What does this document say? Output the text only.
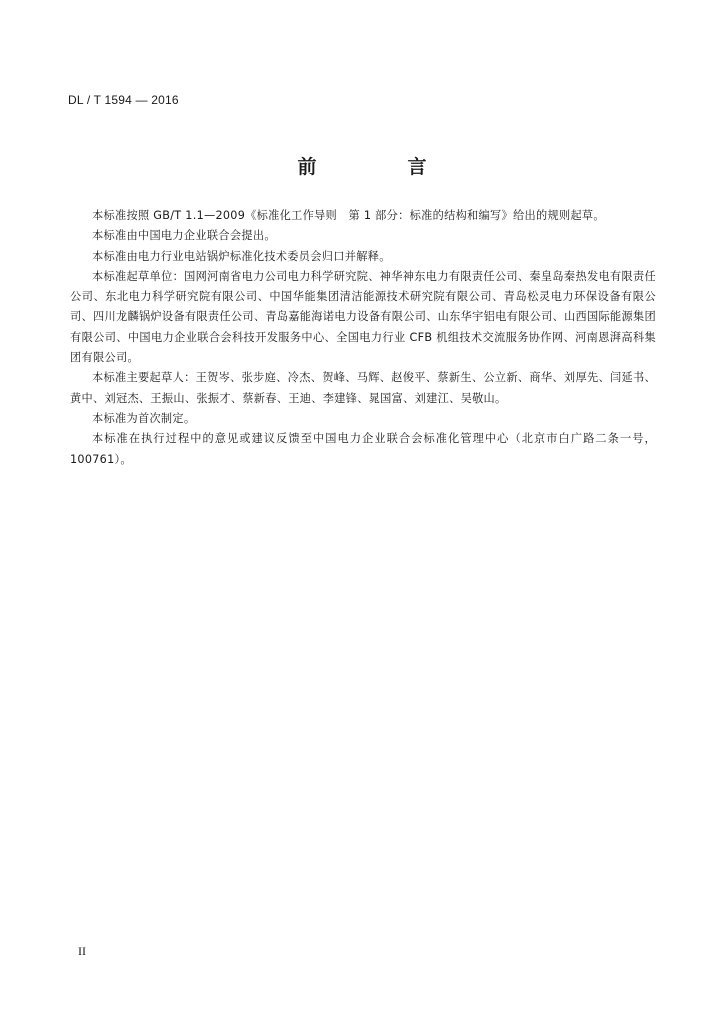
DL / T 1594 — 2016
前　言

本标准按照 GB/T 1.1—2009《标准化工作导则　第 1 部分：标准的结构和编写》给出的规则起草。

本标准由中国电力企业联合会提出。

本标准由电力行业电站锅炉标准化技术委员会归口并解释。

本标准起草单位：国网河南省电力公司电力科学研究院、神华神东电力有限责任公司、秦皇岛秦热发电有限责任公司、东北电力科学研究院有限公司、中国华能集团清洁能源技术研究院有限公司、青岛松灵电力环保设备有限公司、四川龙麟锅炉设备有限责任公司、青岛嘉能海诺电力设备有限公司、山东华宇铝电有限公司、山西国际能源集团有限公司、中国电力企业联合会科技开发服务中心、全国电力行业 CFB 机组技术交流服务协作网、河南恩湃高科集团有限公司。

本标准主要起草人：王贺岑、张步庭、冷杰、贺峰、马辉、赵俊平、蔡新生、公立新、商华、刘厚先、闫延书、黄中、刘冠杰、王振山、张振才、蔡新春、王迪、李建锋、晁国富、刘建江、吴敬山。

本标准为首次制定。

本标准在执行过程中的意见或建议反馈至中国电力企业联合会标准化管理中心（北京市白广路二条一号，100761）。

II
